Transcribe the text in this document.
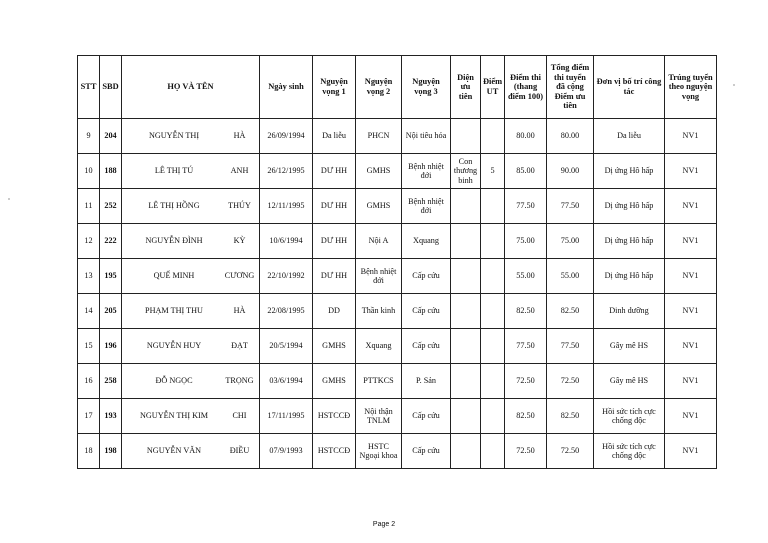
STT	SBD	HỌ VÀ TÊN	Ngày sinh	Nguyện vọng 1	Nguyện vọng 2	Nguyện vọng 3	Diện ưu tiên	Điểm UT	Điểm thi (thang điểm 100)	Tổng điểm thi tuyển đã cộng Điểm ưu tiên	Đơn vị bố trí công tác	Trúng tuyển theo nguyện vọng
9	204	NGUYỄN THỊ HÀ	26/09/1994	Da liễu	PHCN	Nội tiêu hóa			80.00	80.00	Da liễu	NV1
10	188	LÊ THỊ TÚ ANH	26/12/1995	DƯ HH	GMHS	Bệnh nhiệt đới	Con thương binh	5	85.00	90.00	Dị ứng Hô hấp	NV1
11	252	LÊ THỊ HỒNG THÚY	12/11/1995	DƯ HH	GMHS	Bệnh nhiệt đới			77.50	77.50	Dị ứng Hô hấp	NV1
12	222	NGUYỄN ĐÌNH KỲ	10/6/1994	DƯ HH	Nội A	Xquang			75.00	75.00	Dị ứng Hô hấp	NV1
13	195	QUẾ MINH CƯƠNG	22/10/1992	DƯ HH	Bệnh nhiệt đới	Cấp cứu			55.00	55.00	Dị ứng Hô hấp	NV1
14	205	PHẠM THỊ THU HÀ	22/08/1995	DD	Thần kinh	Cấp cứu			82.50	82.50	Dinh dưỡng	NV1
15	196	NGUYỄN HUY ĐẠT	20/5/1994	GMHS	Xquang	Cấp cứu			77.50	77.50	Gây mê HS	NV1
16	258	ĐỖ NGỌC TRỌNG	03/6/1994	GMHS	PTTKCS	P. Sản			72.50	72.50	Gây mê HS	NV1
17	193	NGUYỄN THỊ KIM CHI	17/11/1995	HSTCCĐ	Nội thận TNLM	Cấp cứu			82.50	82.50	Hồi sức tích cực chống độc	NV1
18	198	NGUYỄN VĂN ĐIỀU	07/9/1993	HSTCCĐ	HSTC Ngoại khoa	Cấp cứu			72.50	72.50	Hồi sức tích cực chống độc	NV1
Page 2
